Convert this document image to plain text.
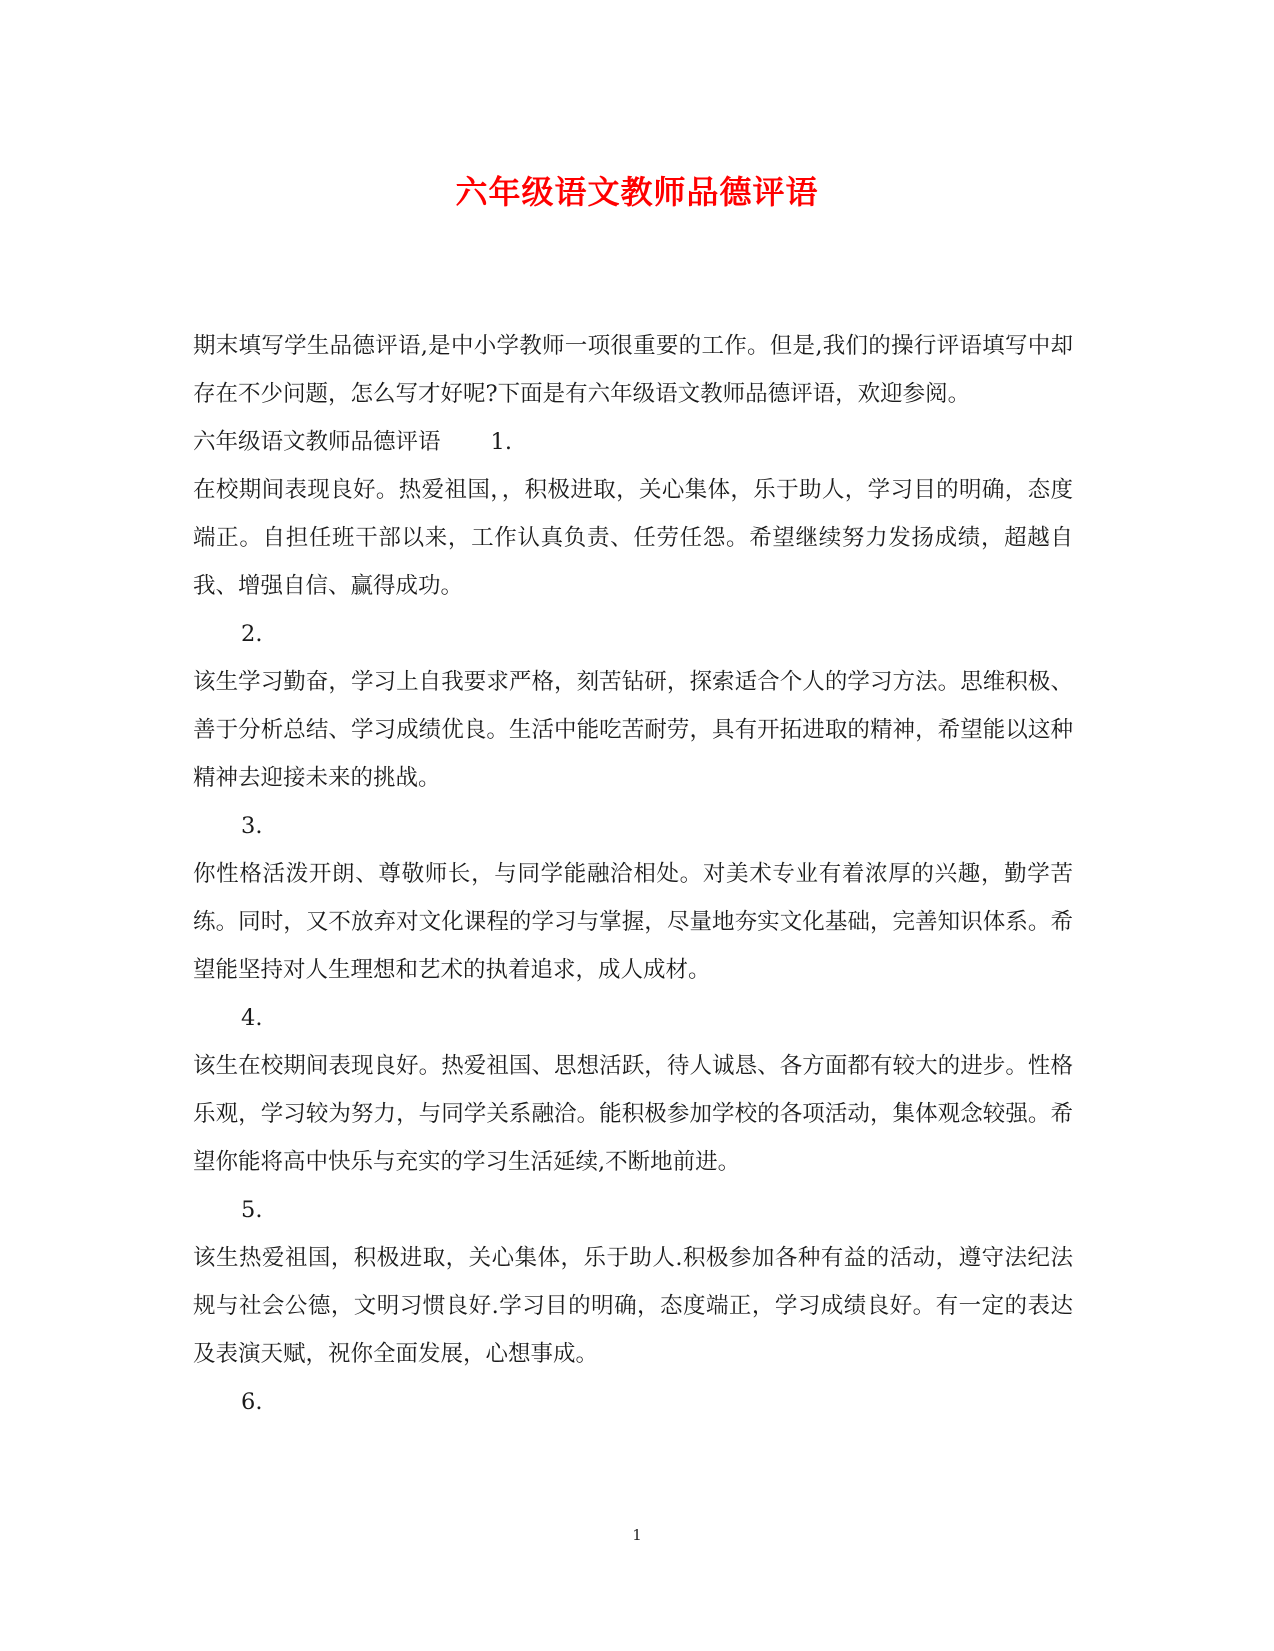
六年级语文教师品德评语

期末填写学生品德评语,是中小学教师一项很重要的工作。但是,我们的操行评语填写中却存在不少问题，怎么写才好呢?下面是有六年级语文教师品德评语，欢迎参阅。

六年级语文教师品德评语 1.

在校期间表现良好。热爱祖国，，积极进取，关心集体，乐于助人，学习目的明确，态度端正。自担任班干部以来，工作认真负责、任劳任怨。希望继续努力发扬成绩，超越自我、增强自信、赢得成功。

2.

该生学习勤奋，学习上自我要求严格，刻苦钻研，探索适合个人的学习方法。思维积极、善于分析总结、学习成绩优良。生活中能吃苦耐劳，具有开拓进取的精神，希望能以这种精神去迎接未来的挑战。

3.

你性格活泼开朗、尊敬师长，与同学能融洽相处。对美术专业有着浓厚的兴趣，勤学苦练。同时，又不放弃对文化课程的学习与掌握，尽量地夯实文化基础，完善知识体系。希望能坚持对人生理想和艺术的执着追求，成人成材。

4.

该生在校期间表现良好。热爱祖国、思想活跃，待人诚恳、各方面都有较大的进步。性格乐观，学习较为努力，与同学关系融洽。能积极参加学校的各项活动，集体观念较强。希望你能将高中快乐与充实的学习生活延续,不断地前进。

5.

该生热爱祖国，积极进取，关心集体，乐于助人.积极参加各种有益的活动，遵守法纪法规与社会公德，文明习惯良好.学习目的明确，态度端正，学习成绩良好。有一定的表达及表演天赋，祝你全面发展，心想事成。

6.

1
